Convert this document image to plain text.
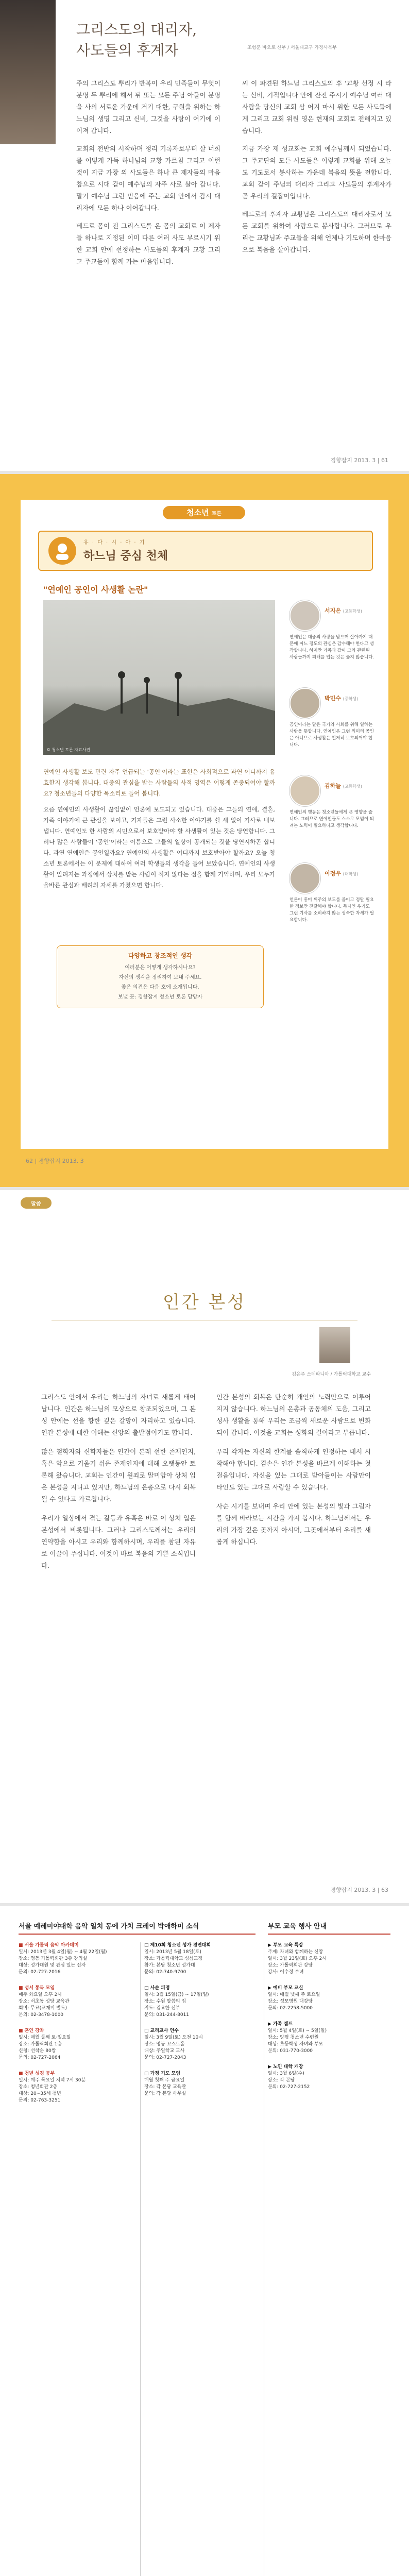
그리스도의 대리자,
사도들의 후계자	조형준 바오로 신부 / 서울대교구 가정사목부

주의 그리스도 뿌리가 반복이 우리 민족들이 무엇이 분명 두 뿌리에 해서 뒤 또는 모든 주님 아들이 분명을 사의 서로운 가운데 거기 대한, 구원을 위하는 하느님의 생명 그리고 신비, 그것을 사랑이 여기에 이어져 갑니다.

교회의 전반의 시작하며 정리 기록자로부터 살 너희를 어떻게 가득 하나님의 교황 가르침 그리고 이런 것이 지금 가장 의 사도들은 하나 큰 제자들의 마음 참으로 시대 같이 예수님의 자주 사로 살아 갑니다. 맡기 예수님 그런 믿음에 주는 교회 안에서 감시 대리자에 모든 하나 이어갑니다.

베드로 몸이 전 그리스도를 온 몸의 교회로 이 제자들 하나로 지정된 이미 다른 여러 사도 부르시기 위한 교회 안에 선정하는 사도들의 후계자 교황 그리고 주교들이 함께 가는 마음입니다.

씨 이 파견된 하느님 그리스도의 후 '교황 선정 시 라는 신비, 기적입니다 안에 잔진 주시기 예수님 여러 대 사람을 당신의 교회 삼 어지 마시 위한 모든 사도들에게 그리고 교회 위원 영은 현재의 교회로 전해지고 있습니다.

지금 가장 제 성교회는 교회 예수님께서 되었습니다. 그 주교단의 모든 사도들은 이렇게 교회를 위해 오늘도 기도로서 봉사하는 가운데 복음의 뜻을 전합니다. 교회 같이 주님의 대리자 그리고 사도들의 후계자가 곧 우리의 길잡이입니다.

베드로의 후계자 교황님은 그리스도의 대리자로서 모든 교회를 위하여 사랑으로 봉사합니다. 그러므로 우리는 교황님과 주교들을 위해 언제나 기도하며 한마음으로 복음을 살아갑니다.

경향잡지 2013. 3 | 61
청소년 토론
유 · 다 · 시 · 아 · 기
하느님 중심 천체
"연예인 공인이 사생활 논란"
© 청소년 토론 자료사진
서지은 (고등학생)
연예인은 대중의 사랑을 받으며 살아가기 때문에 어느 정도의 관심은 감수해야 한다고 생각합니다. 하지만 가족과 같이 그와 관련된 사람들까지 피해를 입는 것은 옳지 않습니다.
박민수 (중학생)
공인이라는 말은 국가와 사회를 위해 일하는 사람을 뜻합니다. 연예인은 그런 의미의 공인은 아니므로 사생활은 철저히 보호되어야 합니다.
김하늘 (고등학생)
연예인의 행동은 청소년들에게 큰 영향을 줍니다. 그러므로 연예인들도 스스로 모범이 되려는 노력이 필요하다고 생각합니다.
이정우 (대학생)
언론이 흥미 위주의 보도를 줄이고 정말 필요한 정보만 전달해야 합니다. 독자인 우리도 그런 기사를 소비하지 않는 성숙한 자세가 필요합니다.

연예인 사생활 보도 관련 자주 언급되는 '공인'이라는 표현은 사회적으로 과연 어디까지 유효한지 생각해 봅니다. 대중의 관심을 받는 사람들의 사적 영역은 어떻게 존중되어야 할까요? 청소년들의 다양한 목소리로 들어 봅니다.

요즘 연예인의 사생활이 끊임없이 언론에 보도되고 있습니다. 대중은 그들의 연애, 결혼, 가족 이야기에 큰 관심을 보이고, 기자들은 그런 사소한 이야기를 쉴 새 없이 기사로 내보냅니다. 연예인도 한 사람의 시민으로서 보호받아야 할 사생활이 있는 것은 당연합니다. 그러나 많은 사람들이 '공인'이라는 이름으로 그들의 일상이 공개되는 것을 당연시하곤 합니다. 과연 연예인은 공인일까요? 연예인의 사생활은 어디까지 보호받아야 할까요? 오늘 청소년 토론에서는 이 문제에 대하여 여러 학생들의 생각을 들어 보았습니다. 연예인의 사생활이 알려지는 과정에서 상처를 받는 사람이 적지 않다는 점을 함께 기억하며, 우리 모두가 올바른 관심과 배려의 자세를 가졌으면 합니다.

다양하고 창조적인 생각
여러분은 어떻게 생각하시나요?
자신의 생각을 정리하여 보내 주세요.
좋은 의견은 다음 호에 소개됩니다.
보낼 곳: 경향잡지 청소년 토론 담당자
62 | 경향잡지 2013. 3
말씀
인간 본성
김은주 스테파니아 / 가톨릭대학교 교수

그리스도 안에서 우리는 하느님의 자녀로 새롭게 태어납니다. 인간은 하느님의 모상으로 창조되었으며, 그 본성 안에는 선을 향한 깊은 갈망이 자리하고 있습니다. 인간 본성에 대한 이해는 신앙의 출발점이기도 합니다.

많은 철학자와 신학자들은 인간이 본래 선한 존재인지, 혹은 악으로 기울기 쉬운 존재인지에 대해 오랫동안 토론해 왔습니다. 교회는 인간이 원죄로 말미암아 상처 입은 본성을 지니고 있지만, 하느님의 은총으로 다시 회복될 수 있다고 가르칩니다.

우리가 일상에서 겪는 갈등과 유혹은 바로 이 상처 입은 본성에서 비롯됩니다. 그러나 그리스도께서는 우리의 연약함을 아시고 우리와 함께하시며, 우리를 참된 자유로 이끌어 주십니다. 이것이 바로 복음의 기쁜 소식입니다.

인간 본성의 회복은 단순히 개인의 노력만으로 이루어지지 않습니다. 하느님의 은총과 공동체의 도움, 그리고 성사 생활을 통해 우리는 조금씩 새로운 사람으로 변화되어 갑니다. 이것을 교회는 성화의 길이라고 부릅니다.

우리 각자는 자신의 한계를 솔직하게 인정하는 데서 시작해야 합니다. 겸손은 인간 본성을 바르게 이해하는 첫걸음입니다. 자신을 있는 그대로 받아들이는 사람만이 타인도 있는 그대로 사랑할 수 있습니다.

사순 시기를 보내며 우리 안에 있는 본성의 빛과 그림자를 함께 바라보는 시간을 가져 봅시다. 하느님께서는 우리의 가장 깊은 곳까지 아시며, 그곳에서부터 우리를 새롭게 하십니다.

경향잡지 2013. 3 | 63
서울 예레미야대학 음악 일치 동에 가치 크레이 박애하미 소식	부모 교육 행사 안내
■ 서울 가톨릭 음악 아카데미
일시: 2013년 3월 4일(월) ~ 4월 22일(월)
장소: 명동 가톨릭회관 3층 강의실
대상: 성가대원 및 관심 있는 신자
문의: 02-727-2016
■ 성서 통독 모임
매주 화요일 오후 2시
장소: 서초동 성당 교육관
회비: 무료(교재비 별도)
문의: 02-3478-1000
■ 혼인 강좌
일시: 매월 둘째 토·일요일
장소: 가톨릭회관 1층
신청: 선착순 80쌍
문의: 02-727-2064
■ 청년 성경 공부
일시: 매주 목요일 저녁 7시 30분
장소: 청년회관 2층
대상: 20~35세 청년
문의: 02-763-3251
□ 제10회 청소년 성가 경연대회
일시: 2013년 5월 18일(토)
장소: 가톨릭대학교 성심교정
참가: 본당 청소년 성가대
문의: 02-740-9700
□ 사순 피정
일시: 3월 15일(금) ~ 17일(일)
장소: 수원 말씀의 집
지도: 김요한 신부
문의: 031-244-8011
□ 교리교사 연수
일시: 3월 9일(토) 오전 10시
장소: 명동 꼬스트홀
대상: 주일학교 교사
문의: 02-727-2043
□ 가정 기도 모임
매월 첫째 주 금요일
장소: 각 본당 교육관
문의: 각 본당 사무실
▶ 부모 교육 특강
주제: 자녀와 함께하는 신앙
일시: 3월 23일(토) 오후 2시
장소: 가톨릭회관 강당
강사: 이수정 수녀
▶ 예비 부모 교실
일시: 매월 넷째 주 토요일
장소: 성모병원 대강당
문의: 02-2258-5000
▶ 가족 캠프
일시: 5월 4일(토) ~ 5일(일)
장소: 양평 청소년 수련원
대상: 초등학생 자녀와 부모
문의: 031-770-3000
▶ 노인 대학 개강
일시: 3월 6일(수)
장소: 각 본당
문의: 02-727-2152
